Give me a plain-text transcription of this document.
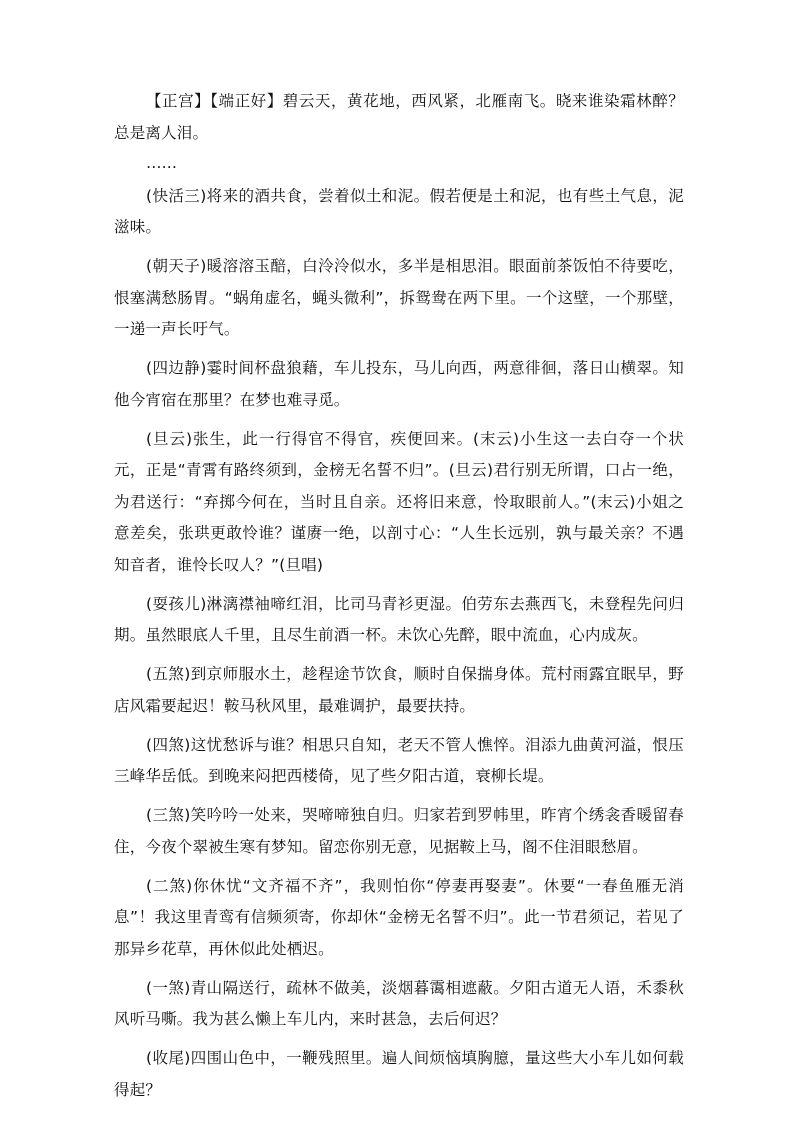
【正宫】【端正好】碧云天，黄花地，西风紧，北雁南飞。晓来谁染霜林醉？总是离人泪。

……

(快活三)将来的酒共食，尝着似土和泥。假若便是土和泥，也有些土气息，泥滋味。

(朝天子)暖溶溶玉醅，白泠泠似水，多半是相思泪。眼面前茶饭怕不待要吃，恨塞满愁肠胃。“蜗角虚名，蝇头微利”，拆鸳鸯在两下里。一个这壁，一个那壁，一递一声长吁气。

(四边静)霎时间杯盘狼藉，车儿投东，马儿向西，两意徘徊，落日山横翠。知他今宵宿在那里？在梦也难寻觅。

(旦云)张生，此一行得官不得官，疾便回来。(末云)小生这一去白夺一个状元，正是“青霄有路终须到，金榜无名誓不归”。(旦云)君行别无所谓，口占一绝，为君送行：“弃掷今何在，当时且自亲。还将旧来意，怜取眼前人。”(末云)小姐之意差矣，张珙更敢怜谁？谨赓一绝，以剖寸心：“人生长远别，孰与最关亲？不遇知音者，谁怜长叹人？”(旦唱)

(耍孩儿)淋漓襟袖啼红泪，比司马青衫更湿。伯劳东去燕西飞，未登程先问归期。虽然眼底人千里，且尽生前酒一杯。未饮心先醉，眼中流血，心内成灰。

(五煞)到京师服水土，趁程途节饮食，顺时自保揣身体。荒村雨露宜眠早，野店风霜要起迟！鞍马秋风里，最难调护，最要扶持。

(四煞)这忧愁诉与谁？相思只自知，老天不管人憔悴。泪添九曲黄河溢，恨压三峰华岳低。到晚来闷把西楼倚，见了些夕阳古道，衰柳长堤。

(三煞)笑吟吟一处来，哭啼啼独自归。归家若到罗帏里，昨宵个绣衾香暖留春住，今夜个翠被生寒有梦知。留恋你别无意，见据鞍上马，阁不住泪眼愁眉。

(二煞)你休忧“文齐福不齐”，我则怕你“停妻再娶妻”。休要“一春鱼雁无消息”！我这里青鸾有信频须寄，你却休“金榜无名誓不归”。此一节君须记，若见了那异乡花草，再休似此处栖迟。

(一煞)青山隔送行，疏林不做美，淡烟暮霭相遮蔽。夕阳古道无人语，禾黍秋风听马嘶。我为甚么懒上车儿内，来时甚急，去后何迟？

(收尾)四围山色中，一鞭残照里。遍人间烦恼填胸臆，量这些大小车儿如何载得起？
